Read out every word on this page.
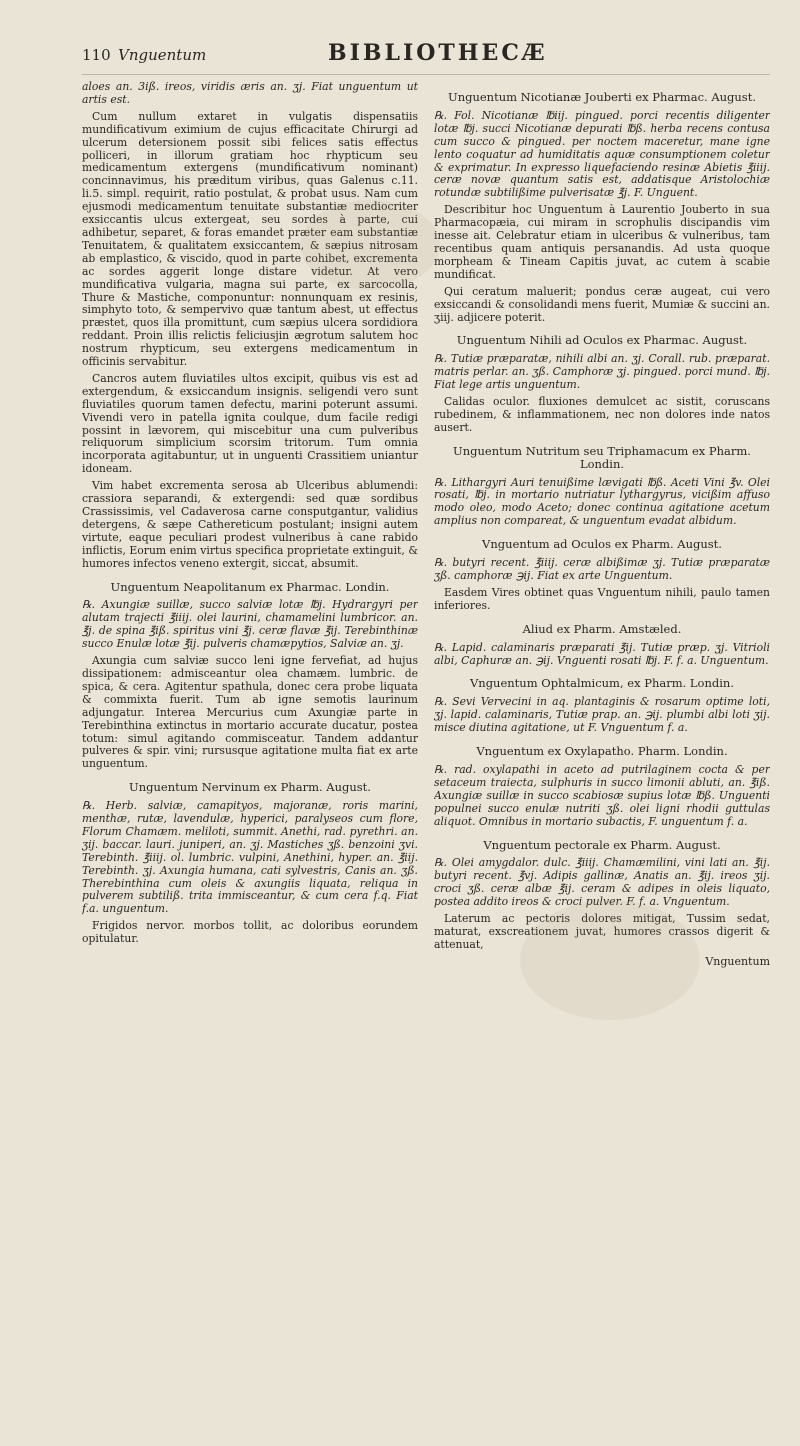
110 Vnguentum	BIBLIOTHECÆ

aloes an. 3iß. ireos, viridis æris an. ʒj. Fiat unguentum ut artis est.

Cum nullum extaret in vulgatis dispensatiis mundificativum eximium de cujus efficacitate Chirurgi ad ulcerum detersionem possit sibi felices satis effectus polliceri, in illorum gratiam hoc rhypticum seu medicamentum extergens (mundificativum nominant) concinnavimus, his præditum viribus, quas Galenus c.11. li.5. simpl. requirit, ratio postulat, & probat usus. Nam cum ejusmodi medicamentum tenuitate substantiæ mediocriter exsiccantis ulcus extergeat, seu sordes à parte, cui adhibetur, separet, & foras emandet præter eam substantiæ Tenuitatem, & qualitatem exsiccantem, & sæpius nitrosam ab emplastico, & viscido, quod in parte cohibet, excrementa ac sordes aggerit longe distare videtur. At vero mundificativa vulgaria, magna sui parte, ex sarcocolla, Thure & Mastiche, componuntur: nonnunquam ex resinis, simphyto toto, & sempervivo quæ tantum abest, ut effectus præstet, quos illa promittunt, cum sæpius ulcera sordidiora reddant. Proin illis relictis feliciusjin ægrotum salutem hoc nostrum rhypticum, seu extergens medicamentum in officinis servabitur.

Cancros autem fluviatiles ultos excipit, quibus vis est ad extergendum, & exsiccandum insignis. seligendi vero sunt fluviatiles quorum tamen defectu, marini poterunt assumi. Vivendi vero in patella ignita coulque, dum facile redigi possint in lævorem, qui miscebitur una cum pulveribus reliquorum simplicium scorsim tritorum. Tum omnia incorporata agitabuntur, ut in unguenti Crassitiem uniantur idoneam.

Vim habet excrementa serosa ab Ulceribus ablumendi: crassiora separandi, & extergendi: sed quæ sordibus Crassissimis, vel Cadaverosa carne consputgantur, validius detergens, & sæpe Cathereticum postulant; insigni autem virtute, eaque peculiari prodest vulneribus à cane rabido inflictis, Eorum enim virtus specifica proprietate extinguit, & humores infectos veneno extergit, siccat, absumit.

Unguentum Neapolitanum ex Pharmac. Londin.

℞. Axungiæ suillæ, succo salviæ lotæ ℔j. Hydrargyri per alutam trajecti ℥iiij. olei laurini, chamamelini lumbricor. an. ℥j. de spina ℥iß. spiritus vini ℥j. ceræ flavæ ℥ij. Terebinthinæ succo Enulæ lotæ ℥ij. pulveris chamæpytios, Salviæ an. ʒj.

Axungia cum salviæ succo leni igne fervefiat, ad hujus dissipationem: admisceantur olea chamæm. lumbric. de spica, & cera. Agitentur spathula, donec cera probe liquata & commixta fuerit. Tum ab igne semotis laurinum adjungatur. Interea Mercurius cum Axungiæ parte in Terebinthina extinctus in mortario accurate ducatur, postea totum: simul agitando commisceatur. Tandem addantur pulveres & spir. vini; rursusque agitatione multa fiat ex arte unguentum.

Unguentum Nervinum ex Pharm. August.

℞. Herb. salviæ, camapityos, majoranæ, roris marini, menthæ, rutæ, lavendulæ, hyperici, paralyseos cum flore, Florum Chamæm. meliloti, summit. Anethi, rad. pyrethri. an. ʒij. baccar. lauri. juniperi, an. ʒj. Mastiches ʒß. benzoini ʒvi. Terebinth. ℥iiij. ol. lumbric. vulpini, Anethini, hyper. an. ℥iij. Terebinth. ʒj. Axungia humana, cati sylvestris, Canis an. ʒß. Therebinthina cum oleis & axungiis liquata, reliqua in pulverem subtiliß. trita immisceantur, & cum cera f.q. Fiat f.a. unguentum.

Frigidos nervor. morbos tollit, ac doloribus eorundem opitulatur.

Unguentum Nicotianæ Jouberti ex Pharmac. August.

℞. Fol. Nicotianæ ℔iij. pingued. porci recentis diligenter lotæ ℔j. succi Nicotianæ depurati ℔ß. herba recens contusa cum succo & pingued. per noctem maceretur, mane igne lento coquatur ad humiditatis aquæ consumptionem coletur & exprimatur. In expresso liquefaciendo resinæ Abietis ℥iiij. ceræ novæ quantum satis est, addatisque Aristolochiæ rotundæ subtilißime pulverisatæ ℥j. F. Unguent.

Describitur hoc Unguentum à Laurentio Jouberto in sua Pharmacopæia, cui miram in scrophulis discipandis vim inesse ait. Celebratur etiam in ulceribus & vulneribus, tam recentibus quam antiquis persanandis. Ad usta quoque morpheam & Tineam Capitis juvat, ac cutem à scabie mundificat.

Qui ceratum maluerit; pondus ceræ augeat, cui vero exsiccandi & consolidandi mens fuerit, Mumiæ & succini an. ʒiij. adjicere poterit.

Unguentum Nihili ad Oculos ex Pharmac. August.

℞. Tutiæ præparatæ, nihili albi an. ʒj. Corall. rub. præparat. matris perlar. an. ʒß. Camphoræ ʒj. pingued. porci mund. ℔j. Fiat lege artis unguentum.

Calidas oculor. fluxiones demulcet ac sistit, coruscans rubedinem, & inflammationem, nec non dolores inde natos ausert.

Unguentum Nutritum seu Triphamacum ex Pharm. Londin.

℞. Lithargyri Auri tenuißime lævigati ℔ß. Aceti Vini ℥v. Olei rosati, ℔j. in mortario nutriatur lythargyrus, vicißim affuso modo oleo, modo Aceto; donec continua agitatione acetum amplius non compareat, & unguentum evadat albidum.

Vnguentum ad Oculos ex Pharm. August.

℞. butyri recent. ℥iiij. ceræ albißimæ ʒj. Tutiæ præparatæ ʒß. camphoræ ℈ij. Fiat ex arte Unguentum.

Easdem Vires obtinet quas Vnguentum nihili, paulo tamen inferiores.

Aliud ex Pharm. Amstæled.

℞. Lapid. calaminaris præparati ℥ij. Tutiæ præp. ʒj. Vitrioli albi, Caphuræ an. ℈ij. Vnguenti rosati ℔j. F. f. a. Unguentum.

Vnguentum Ophtalmicum, ex Pharm. Londin.

℞. Sevi Vervecini in aq. plantaginis & rosarum optime loti, ʒj. lapid. calaminaris, Tutiæ prap. an. ℈ij. plumbi albi loti ʒij. misce diutina agitatione, ut F. Vnguentum f. a.

Vnguentum ex Oxylapatho. Pharm. Londin.

℞. rad. oxylapathi in aceto ad putrilaginem cocta & per setaceum traiecta, sulphuris in succo limonii abluti, an. ℥iß. Axungiæ suillæ in succo scabiosæ supius lotæ ℔ß. Unguenti populnei succo enulæ nutriti ʒß. olei ligni rhodii guttulas aliquot. Omnibus in mortario subactis, F. unguentum f. a.

Vnguentum pectorale ex Pharm. August.

℞. Olei amygdalor. dulc. ℥iiij. Chamæmilini, vini lati an. ℥ij. butyri recent. ℥vj. Adipis gallinæ, Anatis an. ℥ij. ireos ʒij. croci ʒß. ceræ albæ ℥ij. ceram & adipes in oleis liquato, postea addito ireos & croci pulver. F. f. a. Vnguentum.

Laterum ac pectoris dolores mitigat, Tussim sedat, maturat, exscreationem juvat, humores crassos digerit & attenuat,

Vnguentum
